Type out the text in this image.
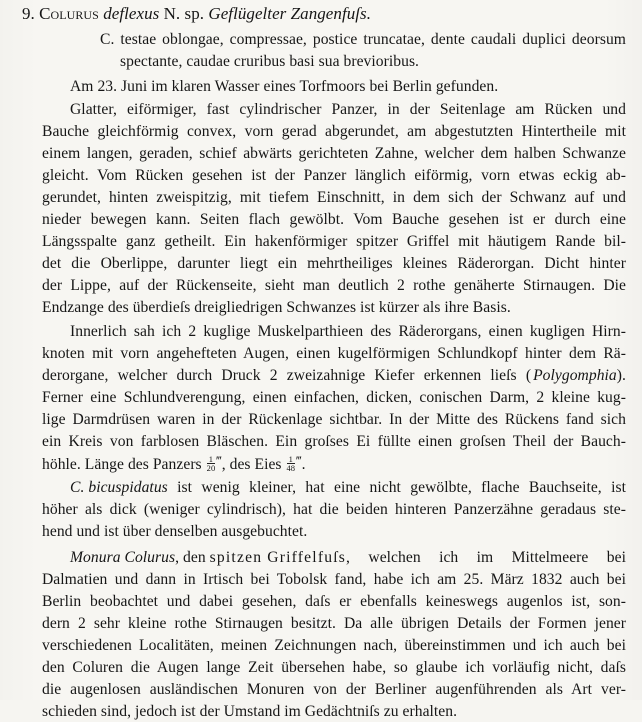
9. Colurus deflexus N. sp. Geflügelter Zangenfuſs.
C. testae oblongae, compressae, postice truncatae, dente caudali duplici deorsum
spectante, caudae cruribus basi sua brevioribus.
Am 23. Juni im klaren Wasser eines Torfmoors bei Berlin gefunden.
Glatter, eiförmiger, fast cylindrischer Panzer, in der Seitenlage am Rücken und
Bauche gleichförmig convex, vorn gerad abgerundet, am abgestutzten Hintertheile mit
einem langen, geraden, schief abwärts gerichteten Zahne, welcher dem halben Schwanze
gleicht. Vom Rücken gesehen ist der Panzer länglich eiförmig, vorn etwas eckig ab-
gerundet, hinten zweispitzig, mit tiefem Einschnitt, in dem sich der Schwanz auf und
nieder bewegen kann. Seiten flach gewölbt. Vom Bauche gesehen ist er durch eine
Längsspalte ganz getheilt. Ein hakenförmiger spitzer Griffel mit häutigem Rande bil-
det die Oberlippe, darunter liegt ein mehrtheiliges kleines Räderorgan. Dicht hinter
der Lippe, auf der Rückenseite, sieht man deutlich 2 rothe genäherte Stirnaugen. Die
Endzange des überdieſs dreigliedrigen Schwanzes ist kürzer als ihre Basis.
Innerlich sah ich 2 kuglige Muskelparthieen des Räderorgans, einen kugligen Hirn-
knoten mit vorn angehefteten Augen, einen kugelförmigen Schlundkopf hinter dem Rä-
derorgane, welcher durch Druck 2 zweizahnige Kiefer erkennen lieſs ( Polygomphia ).
Ferner eine Schlundverengung, einen einfachen, dicken, conischen Darm, 2 kleine kug-
lige Darmdrüsen waren in der Rückenlage sichtbar. In der Mitte des Rückens fand sich
ein Kreis von farblosen Bläschen. Ein groſses Ei füllte einen groſsen Theil der Bauch-
höhle. Länge des Panzers $\frac{1}{20} ^‴$, des Eies $\frac{1}{48} ^‴$.
C. bicuspidatus ist wenig kleiner, hat eine nicht gewölbte, flache Bauchseite, ist
höher als dick (weniger cylindrisch), hat die beiden hinteren Panzerzähne geradaus ste-
hend und ist über denselben ausgebuchtet.
Monura Colurus , den spitzen Griffelfuſs , welchen ich im Mittelmeere bei
Dalmatien und dann in Irtisch bei Tobolsk fand, habe ich am 25. März 1832 auch bei
Berlin beobachtet und dabei gesehen, daſs er ebenfalls keineswegs augenlos ist, son-
dern 2 sehr kleine rothe Stirnaugen besitzt. Da alle übrigen Details der Formen jener
verschiedenen Localitäten, meinen Zeichnungen nach, übereinstimmen und ich auch bei
den Coluren die Augen lange Zeit übersehen habe, so glaube ich vorläufig nicht, daſs
die augenlosen ausländischen Monuren von der Berliner augenführenden als Art ver-
schieden sind, jedoch ist der Umstand im Gedächtniſs zu erhalten.
